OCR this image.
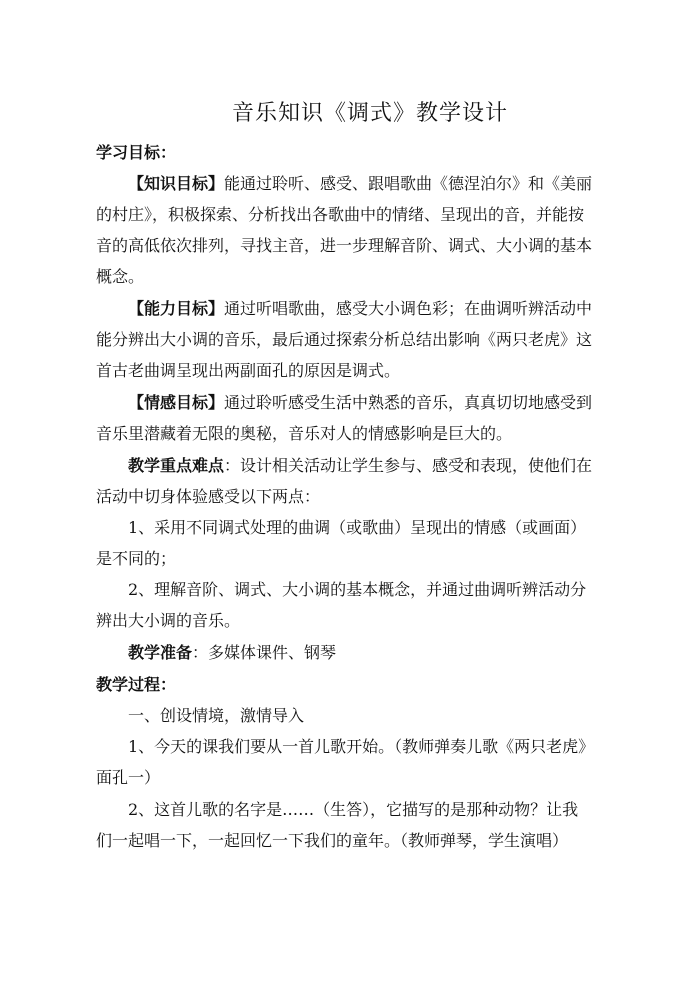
音乐知识《调式》教学设计
学习目标：
【知识目标】能通过聆听、感受、跟唱歌曲《德涅泊尔》和《美丽
的村庄》，积极探索、分析找出各歌曲中的情绪、呈现出的音，并能按
音的高低依次排列，寻找主音，进一步理解音阶、调式、大小调的基本
概念。
【能力目标】通过听唱歌曲，感受大小调色彩；在曲调听辨活动中
能分辨出大小调的音乐，最后通过探索分析总结出影响《两只老虎》这
首古老曲调呈现出两副面孔的原因是调式。
【情感目标】通过聆听感受生活中熟悉的音乐，真真切切地感受到
音乐里潜藏着无限的奥秘，音乐对人的情感影响是巨大的。
教学重点难点：设计相关活动让学生参与、感受和表现，使他们在
活动中切身体验感受以下两点：
1、采用不同调式处理的曲调（或歌曲）呈现出的情感（或画面）
是不同的；
2、理解音阶、调式、大小调的基本概念，并通过曲调听辨活动分
辨出大小调的音乐。
教学准备：多媒体课件、钢琴
教学过程：
一、创设情境，激情导入
1、今天的课我们要从一首儿歌开始。（教师弹奏儿歌《两只老虎》
面孔一）
2、这首儿歌的名字是……（生答），它描写的是那种动物？让我
们一起唱一下，一起回忆一下我们的童年。（教师弹琴，学生演唱）
